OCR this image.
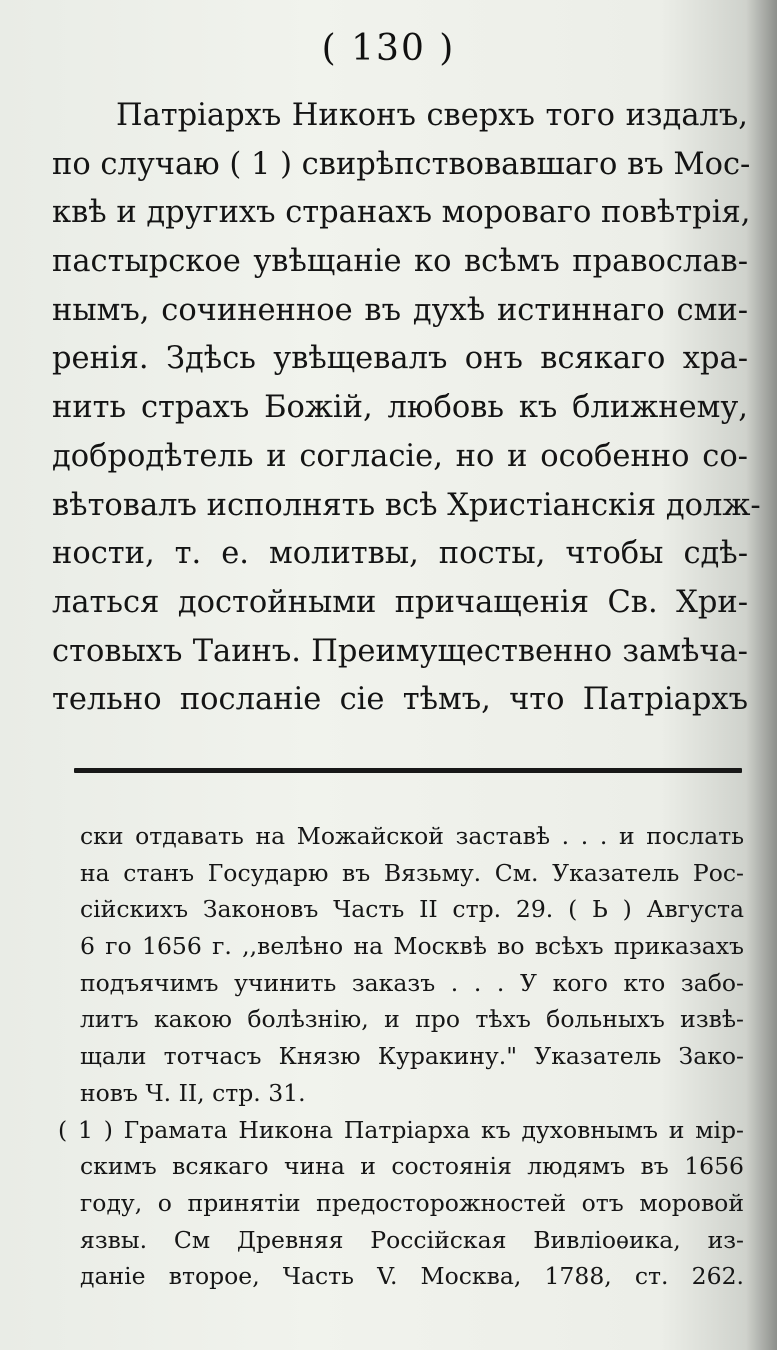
( 130 )
Патріархъ Никонъ сверхъ того издалъ,
по случаю ( 1 ) свирѣпствовавшаго въ Мос-
квѣ и другихъ странахъ моровaго повѣтрія,
пастырское увѣщаніе ко всѣмъ православ-
нымъ, сочиненное въ духѣ истиннаго сми-
ренія. Здѣсь увѣщевалъ онъ всякаго хра-
нить страхъ Божій, любовь къ ближнему,
добродѣтель и согласіе, но и особенно со-
вѣтовалъ исполнять всѣ Христіанскія долж-
ности, т. е. молитвы, посты, чтобы сдѣ-
латься достойными причащенія Св. Хри-
стовыхъ Таинъ. Преимущественно замѣча-
тельно посланіе сіе тѣмъ, что Патріархъ
ски отдавать на Можайской заставѣ . . . и послать
на станъ Государю въ Вязьму. См. Указатель Рос-
сійскихъ Законовъ Часть II стр. 29. ( Ь ) Августа
6 го 1656 г. ,,велѣно на Москвѣ во всѣхъ приказахъ
подъячимъ учинить заказъ . . . У кого кто забо-
литъ какою болѣзнію, и про тѣхъ больныхъ извѣ-
щали тотчасъ Князю Куракину." Указатель Зако-
новъ Ч. II, стр. 31.
( 1 ) Грамата Никона Патріарха къ духовнымъ и мір-
скимъ всякаго чина и состоянія людямъ въ 1656
году, о принятіи предосторожностей отъ моровой
язвы. См Древняя Россійская Вивліоѳика, из-
даніе второе, Часть V. Москва, 1788, ст. 262.
